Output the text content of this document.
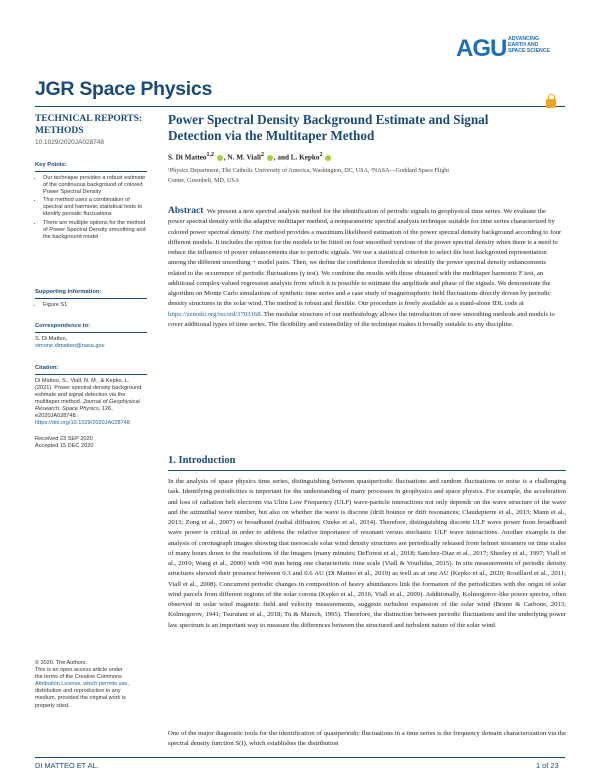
AGU ADVANCING
EARTH AND
SPACE SCIENCE
JGR Space Physics
TECHNICAL REPORTS: METHODS
10.1029/2020JA028748
Key Points:
• Our technique provides a robust estimate of the continuous background of colored Power Spectral Density
• This method uses a combination of spectral and harmonic statistical tests to identify periodic fluctuations
• There are multiple options for the method of Power Spectral Density smoothing and the background model
Supporting Information:
• Figure S1
Correspondence to:
S. Di Matteo,
simone.dimatteo@nasa.gov
Citation:
Di Matteo, S., Viall, N. M., & Kepko, L. (2021). Power spectral density background estimate and signal detection via the multitaper method. Journal of Geophysical Research: Space Physics, 126, e2020JA028748. https://doi.org/10.1029/2020JA028748
Received 23 SEP 2020
Accepted 15 DEC 2020
© 2020. The Authors.
This is an open access article under
the terms of the Creative Commons
Attribution License, which permits use,
distribution and reproduction in any
medium, provided the original work is
properly cited.
Power Spectral Density Background Estimate and Signal
Detection via the Multitaper Method
S. Di Matteo$^{1,2}$ , N. M. Viall$^2$ , and L. Kepko$^2$
¹Physics Department, The Catholic University of America, Washington, DC, USA, ²NASA—Goddard Space Flight
Center, Greenbelt, MD, USA
Abstract We present a new spectral analysis method for the identification of periodic signals in geophysical time series. We evaluate the power spectral density with the adaptive multitaper method, a nonparametric spectral analysis technique suitable for time series characterized by colored power spectral density. Our method provides a maximum likelihood estimation of the power spectral density background according to four different models. It includes the option for the models to be fitted on four smoothed versions of the power spectral density when there is a need to reduce the influence of power enhancements due to periodic signals. We use a statistical criterion to select the best background representation among the different smoothing + model pairs. Then, we define the confidence thresholds to identify the power spectral density enhancements related to the occurrence of periodic fluctuations (γ test). We combine the results with those obtained with the multitaper harmonic F test, an additional complex-valued regression analysis from which it is possible to estimate the amplitude and phase of the signals. We demonstrate the algorithm on Monte Carlo simulations of synthetic time series and a case study of magnetospheric field fluctuations directly driven by periodic density structures in the solar wind. The method is robust and flexible. Our procedure is freely available as a stand-alone IDL code at https://zenodo.org/record/3703168. The modular structure of our methodology allows the introduction of new smoothing methods and models to cover additional types of time series. The flexibility and extensibility of the technique makes it broadly suitable to any discipline.
1. Introduction
In the analysis of space physics time series, distinguishing between quasiperiodic fluctuations and random fluctuations or noise is a challenging task. Identifying periodicities is important for the understanding of many processes in geophysics and space physics. For example, the acceleration and loss of radiation belt electrons via Ultra Low Frequency (ULF) wave-particle interactions not only depends on the wave structure of the wave and the azimuthal wave number, but also on whether the wave is discrete (drift bounce or drift resonances; Claudepierre et al., 2013; Mann et al., 2013; Zong et al., 2007) or broadband (radial diffusion; Ozeke et al., 2014). Therefore, distinguishing discrete ULF wave power from broadband wave power is critical in order to address the relative importance of resonant versus stochastic ULF wave interactions. Another example is the analysis of coronagraph images showing that mesoscale solar wind density structures are periodically released from helmet streamers on time scales of many hours down to the resolutions of the imagers (many minutes; DeForest et al., 2018; Sanchez-Diaz et al., 2017; Sheeley et al., 1997; Viall et al., 2010; Wang et al., 2000) with ≈90 min being one characteristic time scale (Viall & Vourlidas, 2015). In situ measurements of periodic density structures showed their presence between 0.3 and 0.6 AU (Di Matteo et al., 2019) as well as at one AU (Kepko et al., 2020; Rouillard et al., 2011; Viall et al., 2008). Concurrent periodic changes in composition of heavy abundances link the formation of the periodicities with the origin of solar wind parcels from different regions of the solar corona (Kepko et al., 2016; Viall et al., 2009). Additionally, Kolmogorov-like power spectra, often observed in solar wind magnetic field and velocity measurements, suggests turbulent expansion of the solar wind (Bruno & Carbone, 2013; Kolmogorov, 1941; Tsurutani et al., 2018; Tu & Marsch, 1995). Therefore, the distinction between periodic fluctuations and the underlying power law spectrum is an important way to measure the differences between the structured and turbulent nature of the solar wind.
One of the major diagnostic tools for the identification of quasiperiodic fluctuations in a time series is the frequency domain characterization via the spectral density function S(f), which establishes the distribution
DI MATTEO ET AL.	1 of 23
